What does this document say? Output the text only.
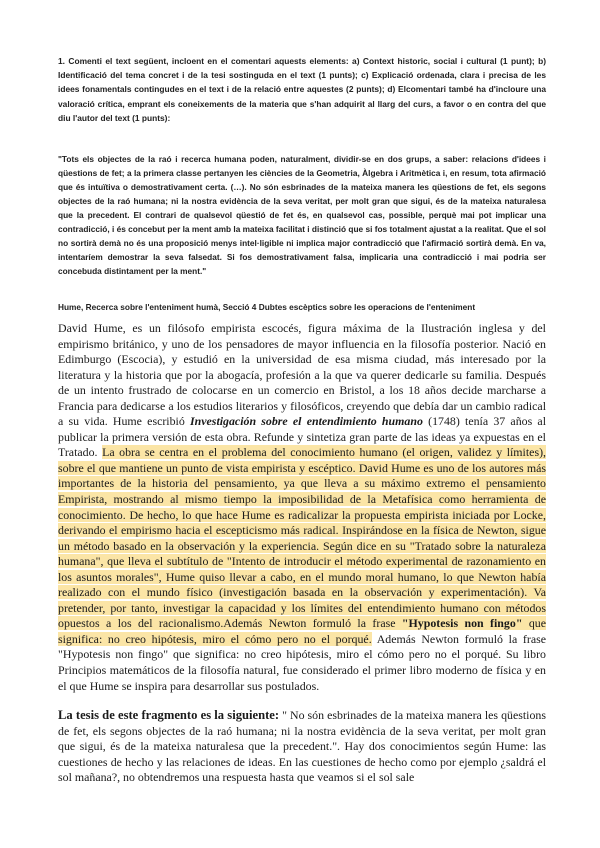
1. Comenti el text següent, incloent en el comentari aquests elements: a) Context historic, social i cultural (1 punt); b) Identificació del tema concret i de la tesi sostinguda en el text (1 punts); c) Explicació ordenada, clara i precisa de les idees fonamentals contingudes en el text i de la relació entre aquestes (2 punts); d) Elcomentari també ha d'incloure una valoració crítica, emprant els coneixements de la materia que s'han adquirit al llarg del curs, a favor o en contra del que diu l'autor del text (1 punts):
"Tots els objectes de la raó i recerca humana poden, naturalment, dividir-se en dos grups, a saber: relacions d'idees i qüestions de fet; a la primera classe pertanyen les ciències de la Geometria, Àlgebra i Aritmètica i, en resum, tota afirmació que és intuïtiva o demostrativament certa. (…). No són esbrinades de la mateixa manera les qüestions de fet, els segons objectes de la raó humana; ni la nostra evidència de la seva veritat, per molt gran que sigui, és de la mateixa naturalesa que la precedent. El contrari de qualsevol qüestió de fet és, en qualsevol cas, possible, perquè mai pot implicar una contradicció, i és concebut per la ment amb la mateixa facilitat i distinció que si fos totalment ajustat a la realitat. Que el sol no sortirà demà no és una proposició menys intel·ligible ni implica major contradicció que l'afirmació sortirà demà. En va, intentaríem demostrar la seva falsedat. Si fos demostrativament falsa, implicaria una contradicció i mai podria ser concebuda distintament per la ment."
Hume, Recerca sobre l'enteniment humà, Secció 4 Dubtes escèptics sobre les operacions de l'enteniment

David Hume, es un filósofo empirista escocés, figura máxima de la Ilustración inglesa y del empirismo británico, y uno de los pensadores de mayor influencia en la filosofía posterior. Nació en Edimburgo (Escocia), y estudió en la universidad de esa misma ciudad, más interesado por la literatura y la historia que por la abogacía, profesión a la que va querer dedicarle su familia. Después de un intento frustrado de colocarse en un comercio en Bristol, a los 18 años decide marcharse a Francia para dedicarse a los estudios literarios y filosóficos, creyendo que debía dar un cambio radical a su vida. Hume escribió Investigación sobre el entendimiento humano (1748) tenía 37 años al publicar la primera versión de esta obra. Refunde y sintetiza gran parte de las ideas ya expuestas en el Tratado. La obra se centra en el problema del conocimiento humano (el origen, validez y límites), sobre el que mantiene un punto de vista empirista y escéptico. David Hume es uno de los autores más importantes de la historia del pensamiento, ya que lleva a su máximo extremo el pensamiento Empirista, mostrando al mismo tiempo la imposibilidad de la Metafísica como herramienta de conocimiento. De hecho, lo que hace Hume es radicalizar la propuesta empirista iniciada por Locke, derivando el empirismo hacia el escepticismo más radical. Inspirándose en la física de Newton, sigue un método basado en la observación y la experiencia. Según dice en su "Tratado sobre la naturaleza humana", que lleva el subtítulo de "Intento de introducir el método experimental de razonamiento en los asuntos morales", Hume quiso llevar a cabo, en el mundo moral humano, lo que Newton había realizado con el mundo físico (investigación basada en la observación y experimentación). Va pretender, por tanto, investigar la capacidad y los límites del entendimiento humano con métodos opuestos a los del racionalismo.Además Newton formuló la frase "Hypotesis non fingo" que significa: no creo hipótesis, miro el cómo pero no el porqué. Además Newton formuló la frase "Hypotesis non fingo" que significa: no creo hipótesis, miro el cómo pero no el porqué. Su libro Principios matemáticos de la filosofía natural, fue considerado el primer libro moderno de física y en el que Hume se inspira para desarrollar sus postulados.

La tesis de este fragmento es la siguiente: " No són esbrinades de la mateixa manera les qüestions de fet, els segons objectes de la raó humana; ni la nostra evidència de la seva veritat, per molt gran que sigui, és de la mateixa naturalesa que la precedent.". Hay dos conocimientos según Hume: las cuestiones de hecho y las relaciones de ideas. En las cuestiones de hecho como por ejemplo ¿saldrá el sol mañana?, no obtendremos una respuesta hasta que veamos si el sol sale
